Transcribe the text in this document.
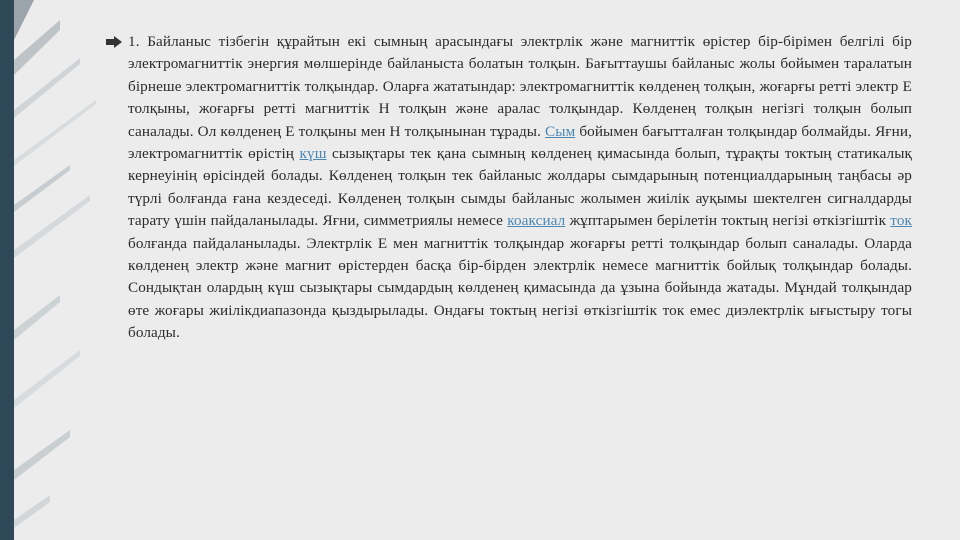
1. Байланыс тізбегін құрайтын екі сымның арасындағы электрлік және магниттік өрістер бір-бірімен белгілі бір электромагниттік энергия мөлшерінде байланыста болатын толқын. Бағыттаушы байланыс жолы бойымен таралатын бірнеше электромагниттік толқындар. Оларға жататындар: электромагниттік көлденең толқын, жоғарғы ретті электр Е толқыны, жоғарғы ретті магниттік Н толқын және аралас толқындар. Көлденең толқын негізгі толқын болып саналады. Ол көлденең Е толқыны мен Н толқынынан тұрады. Сым бойымен бағытталған толқындар болмайды. Яғни, электромагниттік өрістің күш сызықтары тек қана сымның көлденең қимасында болып, тұрақты токтың статикалық кернеуінің өрісіндей болады. Көлденең толқын тек байланыс жолдары сымдарының потенциалдарының таңбасы әр түрлі болғанда ғана кездеседі. Көлденең толқын сымды байланыс жолымен жиілік ауқымы шектелген сигналдарды тарату үшін пайдаланылады. Яғни, симметриялы немесе коаксиал жұптарымен берілетін токтың негізі өткізгіштік ток болғанда пайдаланылады. Электрлік Е мен магниттік толқындар жоғарғы ретті толқындар болып саналады. Оларда көлденең электр және магнит өрістерден басқа бір-бірден электрлік немесе магниттік бойлық толқындар болады. Сондықтан олардың күш сызықтары сымдардың көлденең қимасында да ұзына бойында жатады. Мұндай толқындар өте жоғары жиілікдиапазонда қыздырылады. Ондағы токтың негізі өткізгіштік ток емес диэлектрлік ығыстыру тогы болады.
